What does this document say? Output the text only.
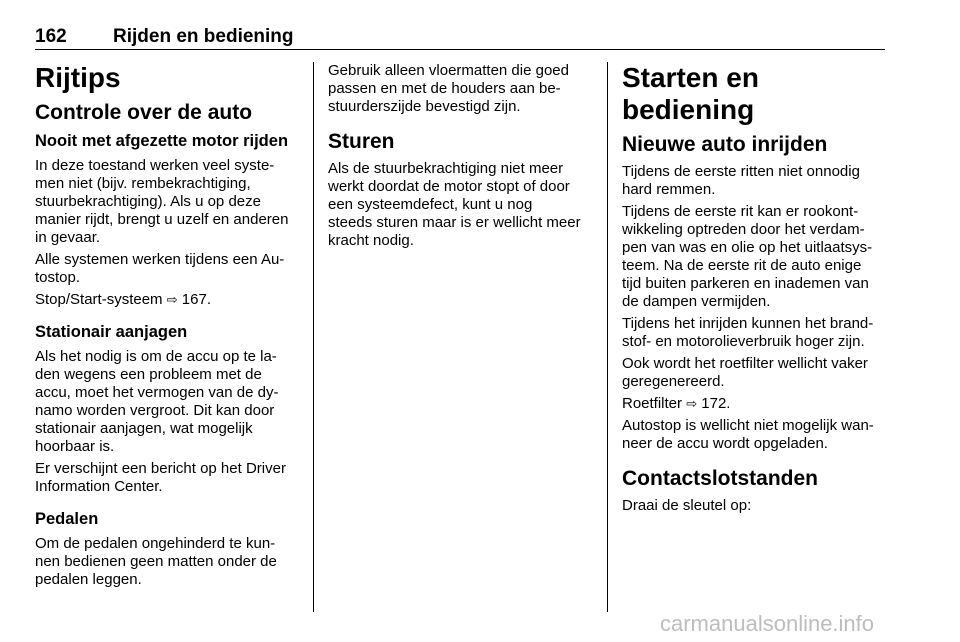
162 Rijden en bediening
Rijtips
Controle over de auto
Nooit met afgezette motor rijden
In deze toestand werken veel syste-
men niet (bijv. rembekrachtiging,
stuurbekrachtiging). Als u op deze
manier rijdt, brengt u uzelf en anderen
in gevaar.
Alle systemen werken tijdens een Au-
tostop.
Stop/Start-systeem ⇨ 167.
Stationair aanjagen
Als het nodig is om de accu op te la-
den wegens een probleem met de
accu, moet het vermogen van de dy-
namo worden vergroot. Dit kan door
stationair aanjagen, wat mogelijk
hoorbaar is.
Er verschijnt een bericht op het Driver
Information Center.
Pedalen
Om de pedalen ongehinderd te kun-
nen bedienen geen matten onder de
pedalen leggen.
Gebruik alleen vloermatten die goed
passen en met de houders aan be-
stuurderszijde bevestigd zijn.
Sturen
Als de stuurbekrachtiging niet meer
werkt doordat de motor stopt of door
een systeemdefect, kunt u nog
steeds sturen maar is er wellicht meer
kracht nodig.
Starten en bediening
Nieuwe auto inrijden
Tijdens de eerste ritten niet onnodig
hard remmen.
Tijdens de eerste rit kan er rookont-
wikkeling optreden door het verdam-
pen van was en olie op het uitlaatsys-
teem. Na de eerste rit de auto enige
tijd buiten parkeren en inademen van
de dampen vermijden.
Tijdens het inrijden kunnen het brand-
stof- en motorolieverbruik hoger zijn.
Ook wordt het roetfilter wellicht vaker
geregenereerd.
Roetfilter ⇨ 172.
Autostop is wellicht niet mogelijk wan-
neer de accu wordt opgeladen.
Contactslotstanden
Draai de sleutel op:
carmanualsonline.info
